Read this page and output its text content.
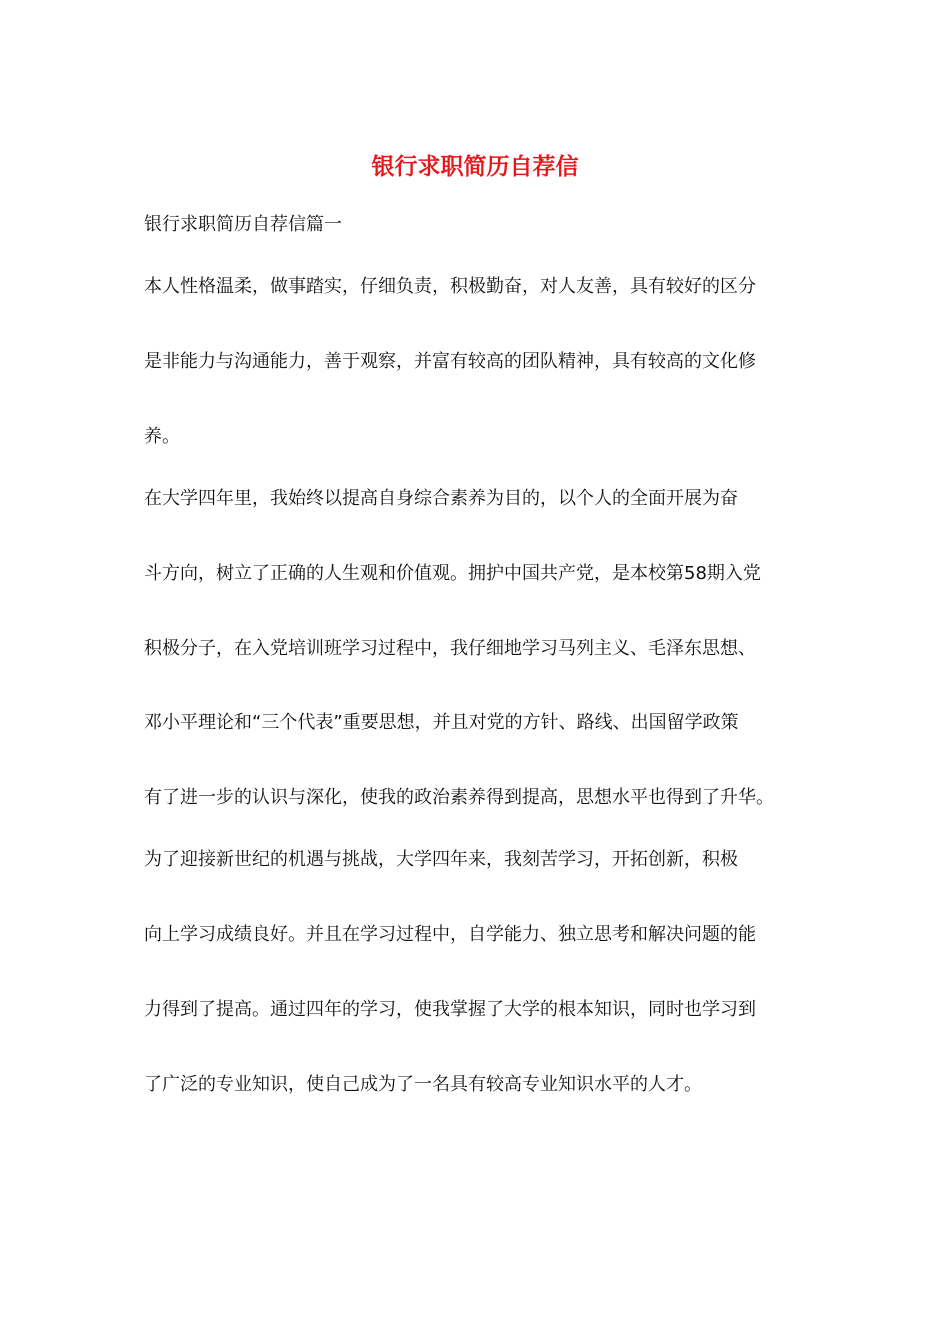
银行求职简历自荐信
银行求职简历自荐信篇一
本人性格温柔，做事踏实，仔细负责，积极勤奋，对人友善，具有较好的区分
是非能力与沟通能力，善于观察，并富有较高的团队精神，具有较高的文化修
养。
在大学四年里，我始终以提高自身综合素养为目的，以个人的全面开展为奋
斗方向，树立了正确的人生观和价值观。拥护中国共产党，是本校第58期入党
积极分子，在入党培训班学习过程中，我仔细地学习马列主义、毛泽东思想、
邓小平理论和“三个代表”重要思想，并且对党的方针、路线、出国留学政策
有了进一步的认识与深化，使我的政治素养得到提高，思想水平也得到了升华。
为了迎接新世纪的机遇与挑战，大学四年来，我刻苦学习，开拓创新，积极
向上学习成绩良好。并且在学习过程中，自学能力、独立思考和解决问题的能
力得到了提高。通过四年的学习，使我掌握了大学的根本知识，同时也学习到
了广泛的专业知识，使自己成为了一名具有较高专业知识水平的人才。
